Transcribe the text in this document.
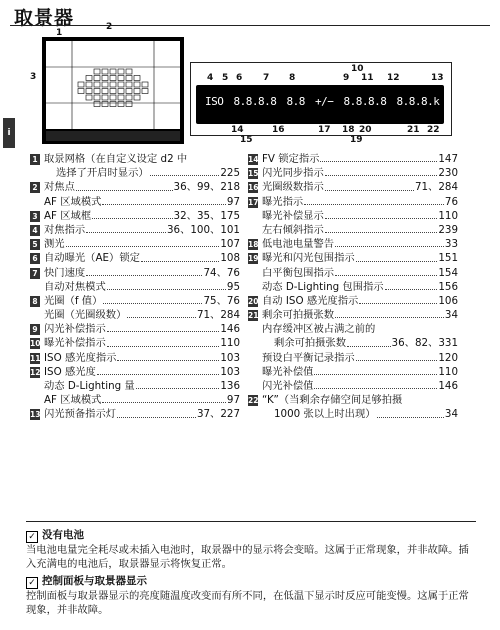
取景器
i
1
2
3
ISO 8.8.8.8 8.8 +/− 8.8.8.8 8.8.8.k
4 5 6 7 8	9
10
11 12	13
14
15
16	17 18
19
20	21 22
1 取景网格（在自定义设定 d2 中
选择了开启时显示）	225
2 对焦点	36、99、218
AF 区域模式	97
3 AF 区域框	32、35、175
4 对焦指示	36、100、101
5 测光	107
6 自动曝光（AE）锁定	108
7 快门速度	74、76
自动对焦模式	95
8 光圈（f 值）	75、76
光圈（光圈级数）	71、284
9 闪光补偿指示	146
10 曝光补偿指示	110
11 ISO 感光度指示	103
12 ISO 感光度	103
动态 D-Lighting 量	136
AF 区域模式	97
13 闪光预备指示灯	37、227
14 FV 锁定指示	147
15 闪光同步指示	230
16 光圈级数指示	71、284
17 曝光指示	76
曝光补偿显示	110
左右倾斜指示	239
18 低电池电量警告	33
19 曝光和闪光包围指示	151
白平衡包围指示	154
动态 D-Lighting 包围指示	156
20 自动 ISO 感光度指示	106
21 剩余可拍摄张数	34
内存缓冲区被占满之前的
剩余可拍摄张数	36、82、331
预设白平衡记录指示	120
曝光补偿值	110
闪光补偿值	146
22 “K”（当剩余存储空间足够拍摄
1000 张以上时出现）	34
✓ 没有电池
当电池电量完全耗尽或未插入电池时，取景器中的显示将会变暗。这属于正常现象，并非故障。插入充满电的电池后，取景器显示将恢复正常。
✓ 控制面板与取景器显示
控制面板与取景器显示的亮度随温度改变而有所不同，在低温下显示时反应可能变慢。这属于正常现象，并非故障。
